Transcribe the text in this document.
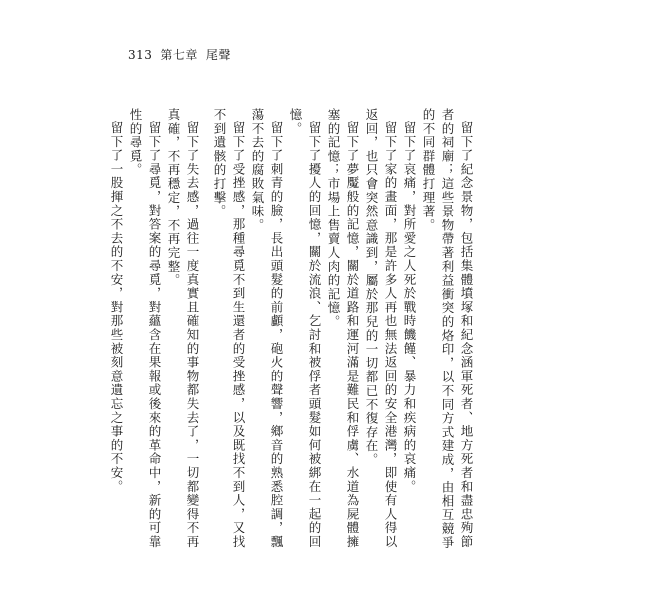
313 第七章 尾聲

留下了紀念景物，包括集體墳塚和紀念涵軍死者、地方死者和盡忠殉節者的祠廟；這些景物帶著利益衝突的烙印，以不同方式建成，由相互競爭的不同群體打理著。

留下了哀痛，對所愛之人死於戰時饑饉、暴力和疾病的哀痛。

留下了家的畫面，那是許多人再也無法返回的安全港灣，即使有人得以返回，也只會突然意識到，屬於那兒的一切都已不復存在。

留下了夢魘般的記憶，關於道路和運河滿是難民和俘虜、水道為屍體擁塞的記憶；市場上售賣人肉的記憶。

留下了擾人的回憶，關於流浪、乞討和被俘者頭髮如何被綁在一起的回憶。

留下了刺青的臉，長出頭髮的前顱，砲火的聲響，鄉音的熟悉腔調，飄蕩不去的腐敗氣味。

留下了受挫感，那種尋覓不到生還者的受挫感，以及既找不到人，又找不到遺骸的打擊。

留下了失去感，過往一度真實且確知的事物都失去了，一切都變得不再真確，不再穩定，不再完整。

留下了尋覓，對答案的尋覓，對蘊含在果報或後來的革命中，新的可靠性的尋覓。

留下了一股揮之不去的不安，對那些被刻意遺忘之事的不安。
